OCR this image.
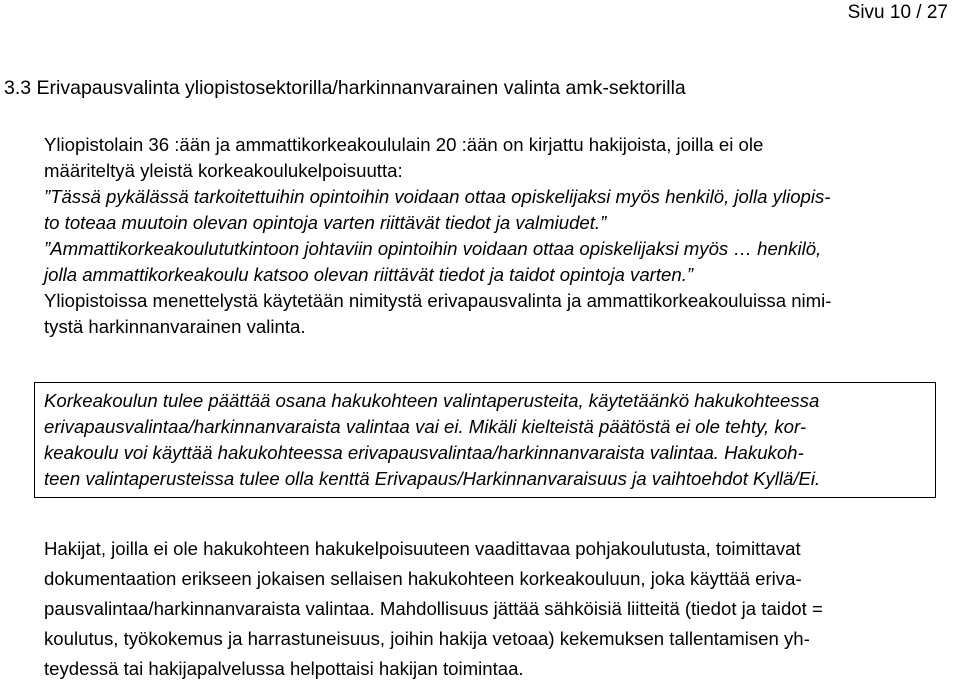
Sivu 10 / 27
3.3 Erivapausvalinta yliopistosektorilla/harkinnanvarainen valinta amk-sektorilla
Yliopistolain 36 :ään ja ammattikorkeakoululain 20 :ään on kirjattu hakijoista, joilla ei ole
määriteltyä yleistä korkeakoulukelpoisuutta:
”Tässä pykälässä tarkoitettuihin opintoihin voidaan ottaa opiskelijaksi myös henkilö, jolla yliopis-
to toteaa muutoin olevan opintoja varten riittävät tiedot ja valmiudet.”
”Ammattikorkeakoulututkintoon johtaviin opintoihin voidaan ottaa opiskelijaksi myös … henkilö,
jolla ammattikorkeakoulu katsoo olevan riittävät tiedot ja taidot opintoja varten.”
Yliopistoissa menettelystä käytetään nimitystä erivapausvalinta ja ammattikorkeakouluissa nimi-
tystä harkinnanvarainen valinta.
Korkeakoulun tulee päättää osana hakukohteen valintaperusteita, käytetäänkö hakukohteessa
erivapausvalintaa/harkinnanvaraista valintaa vai ei. Mikäli kielteistä päätöstä ei ole tehty, kor-
keakoulu voi käyttää hakukohteessa erivapausvalintaa/harkinnanvaraista valintaa. Hakukoh-
teen valintaperusteissa tulee olla kenttä Erivapaus/Harkinnanvaraisuus ja vaihtoehdot Kyllä/Ei.
Hakijat, joilla ei ole hakukohteen hakukelpoisuuteen vaadittavaa pohjakoulutusta, toimittavat
dokumentaation erikseen jokaisen sellaisen hakukohteen korkeakouluun, joka käyttää eriva-
pausvalintaa/harkinnanvaraista valintaa. Mahdollisuus jättää sähköisiä liitteitä (tiedot ja taidot =
koulutus, työkokemus ja harrastuneisuus, joihin hakija vetoaa) kekemuksen tallentamisen yh-
teydessä tai hakijapalvelussa helpottaisi hakijan toimintaa.
